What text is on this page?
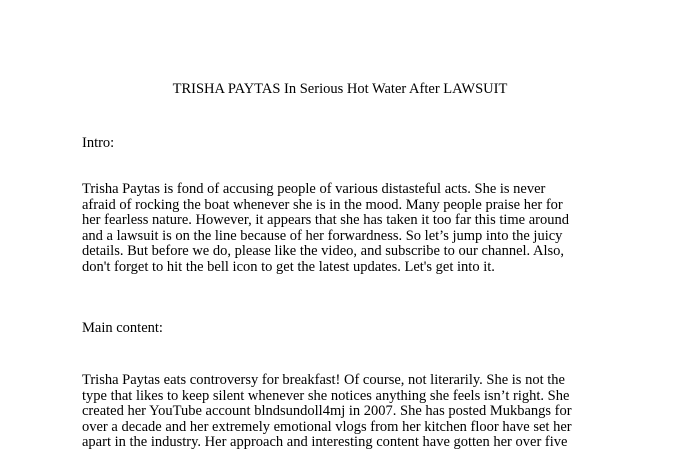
TRISHA PAYTAS In Serious Hot Water After LAWSUIT
Intro:
Trisha Paytas is fond of accusing people of various distasteful acts. She is never
afraid of rocking the boat whenever she is in the mood. Many people praise her for
her fearless nature. However, it appears that she has taken it too far this time around
and a lawsuit is on the line because of her forwardness. So let’s jump into the juicy
details. But before we do, please like the video, and subscribe to our channel. Also,
don't forget to hit the bell icon to get the latest updates. Let's get into it.
Main content:
Trisha Paytas eats controversy for breakfast! Of course, not literarily. She is not the
type that likes to keep silent whenever she notices anything she feels isn’t right. She
created her YouTube account blndsundoll4mj in 2007. She has posted Mukbangs for
over a decade and her extremely emotional vlogs from her kitchen floor have set her
apart in the industry. Her approach and interesting content have gotten her over five
